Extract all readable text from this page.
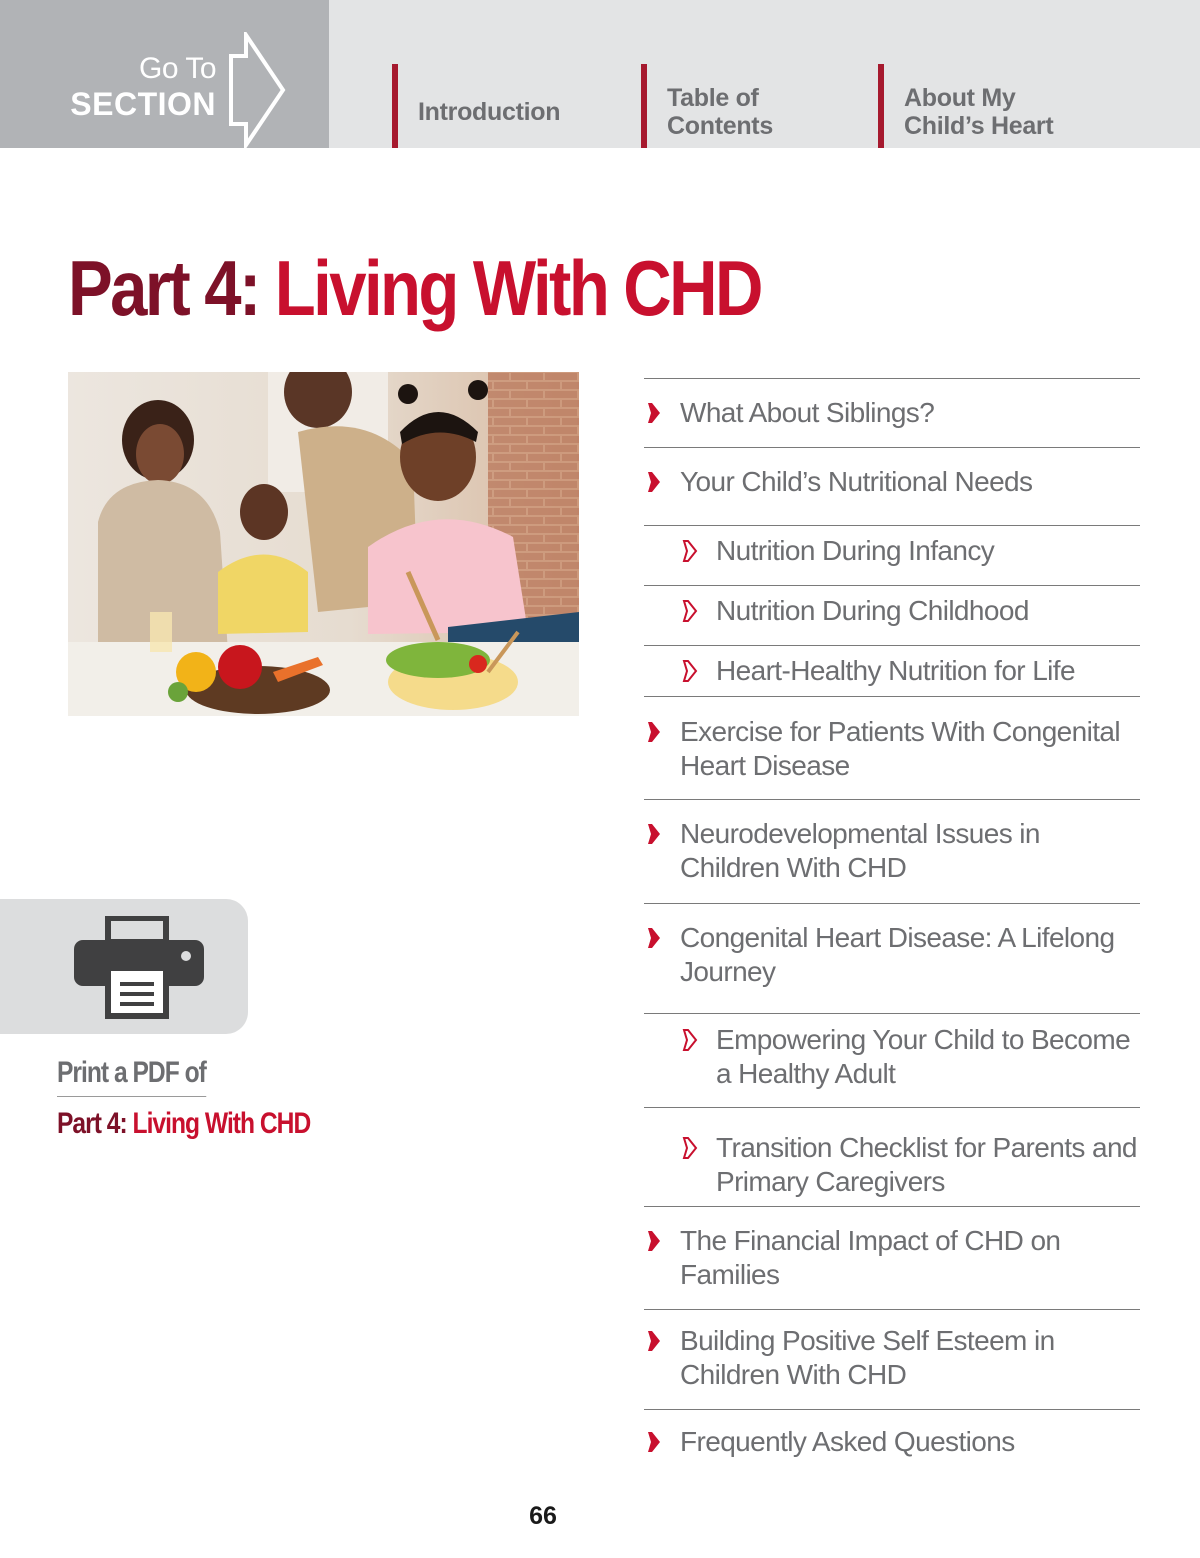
Go To
SECTION	Introduction	Table of
Contents
About My
Child’s Heart
Part 4: Living With CHD
Print a PDF of
Part 4: Living With CHD
What About Siblings?
Your Child’s Nutritional Needs
Nutrition During Infancy
Nutrition During Childhood
Heart-Healthy Nutrition for Life
Exercise for Patients With Congenital Heart Disease
Neurodevelopmental Issues in Children With CHD
Congenital Heart Disease: A Lifelong Journey
Empowering Your Child to Become a Healthy Adult
Transition Checklist for Parents and Primary Caregivers
The Financial Impact of CHD on Families
Building Positive Self Esteem in Children With CHD
Frequently Asked Questions
66
